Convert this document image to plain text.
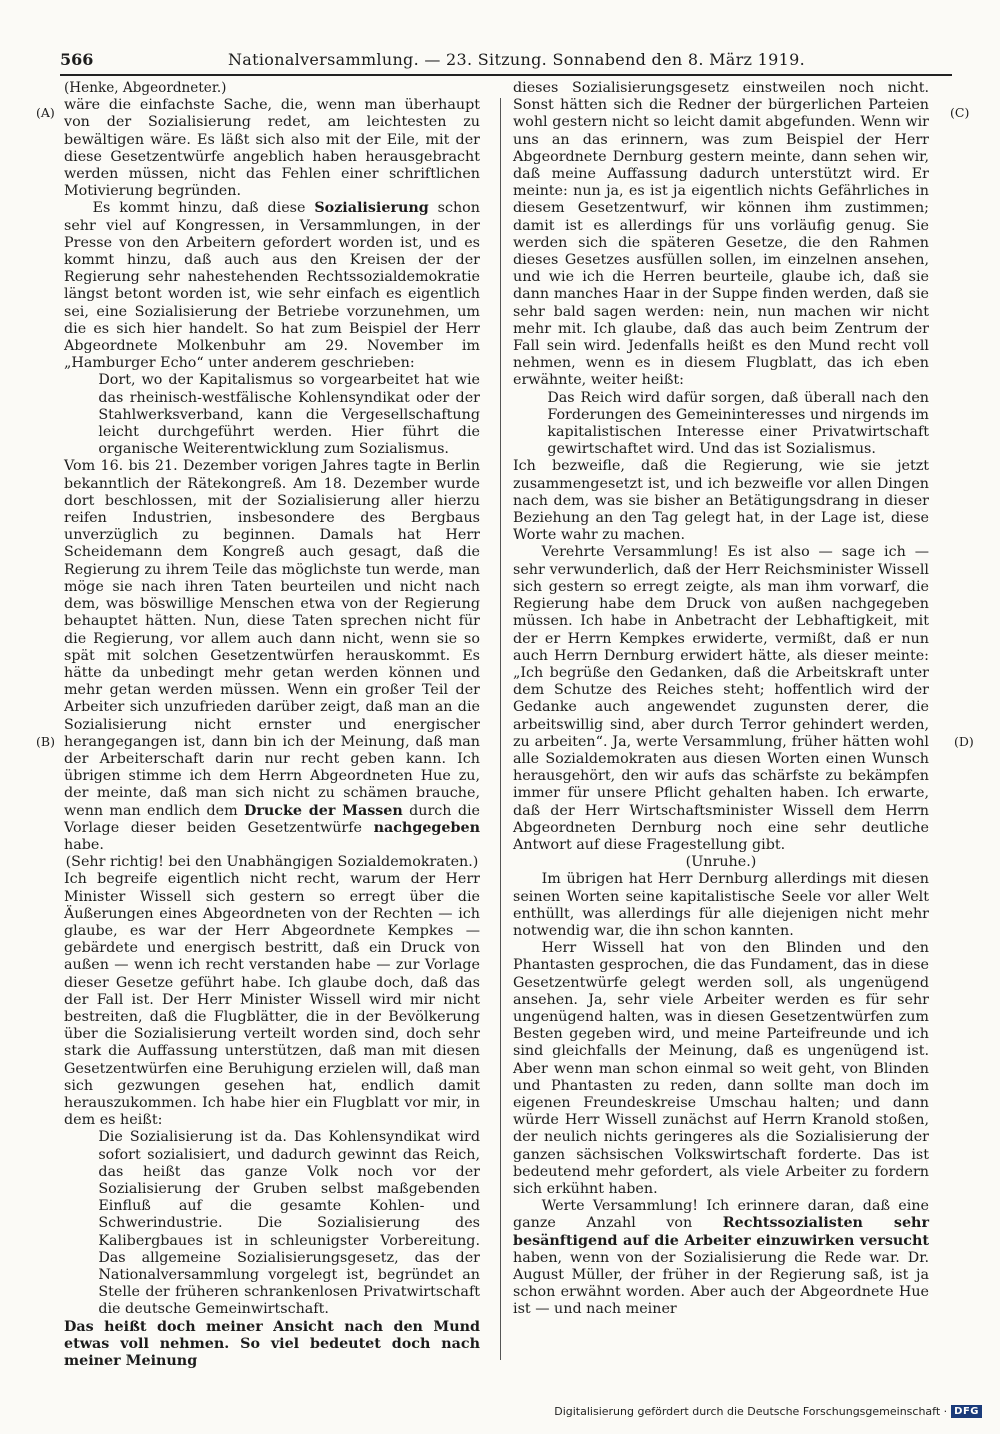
566	Nationalversammlung. — 23. Sitzung. Sonnabend den 8. März 1919.
(A)
(B)
(C)
(D)

(Henke, Abgeordneter.)

wäre die einfachste Sache, die, wenn man überhaupt von der Sozialisierung redet, am leichtesten zu bewältigen wäre. Es läßt sich also mit der Eile, mit der diese Gesetzentwürfe angeblich haben herausgebracht werden müssen, nicht das Fehlen einer schriftlichen Motivierung begründen.

Es kommt hinzu, daß diese Sozialisierung schon sehr viel auf Kongressen, in Versammlungen, in der Presse von den Arbeitern gefordert worden ist, und es kommt hinzu, daß auch aus den Kreisen der der Regierung sehr nahestehenden Rechtssozialdemokratie längst betont worden ist, wie sehr einfach es eigentlich sei, eine Sozialisierung der Betriebe vorzunehmen, um die es sich hier handelt. So hat zum Beispiel der Herr Abgeordnete Molkenbuhr am 29. November im „Hamburger Echo“ unter anderem geschrieben:

Dort, wo der Kapitalismus so vorgearbeitet hat wie das rheinisch-westfälische Kohlensyndikat oder der Stahlwerksverband, kann die Vergesellschaftung leicht durchgeführt werden. Hier führt die organische Weiterentwicklung zum Sozialismus.

Vom 16. bis 21. Dezember vorigen Jahres tagte in Berlin bekanntlich der Rätekongreß. Am 18. Dezember wurde dort beschlossen, mit der Sozialisierung aller hierzu reifen Industrien, insbesondere des Bergbaus unverzüglich zu beginnen. Damals hat Herr Scheidemann dem Kongreß auch gesagt, daß die Regierung zu ihrem Teile das möglichste tun werde, man möge sie nach ihren Taten beurteilen und nicht nach dem, was böswillige Menschen etwa von der Regierung behauptet hätten. Nun, diese Taten sprechen nicht für die Regierung, vor allem auch dann nicht, wenn sie so spät mit solchen Gesetzentwürfen herauskommt. Es hätte da unbedingt mehr getan werden können und mehr getan werden müssen. Wenn ein großer Teil der Arbeiter sich unzufrieden darüber zeigt, daß man an die Sozialisierung nicht ernster und energischer herangegangen ist, dann bin ich der Meinung, daß man der Arbeiterschaft darin nur recht geben kann. Ich übrigen stimme ich dem Herrn Abgeordneten Hue zu, der meinte, daß man sich nicht zu schämen brauche, wenn man endlich dem Drucke der Massen durch die Vorlage dieser beiden Gesetzentwürfe nachgegeben habe.

(Sehr richtig! bei den Unabhängigen Sozialdemokraten.)

Ich begreife eigentlich nicht recht, warum der Herr Minister Wissell sich gestern so erregt über die Äußerungen eines Abgeordneten von der Rechten — ich glaube, es war der Herr Abgeordnete Kempkes — gebärdete und energisch bestritt, daß ein Druck von außen — wenn ich recht verstanden habe — zur Vorlage dieser Gesetze geführt habe. Ich glaube doch, daß das der Fall ist. Der Herr Minister Wissell wird mir nicht bestreiten, daß die Flugblätter, die in der Bevölkerung über die Sozialisierung verteilt worden sind, doch sehr stark die Auffassung unterstützen, daß man mit diesen Gesetzentwürfen eine Beruhigung erzielen will, daß man sich gezwungen gesehen hat, endlich damit herauszukommen. Ich habe hier ein Flugblatt vor mir, in dem es heißt:

Die Sozialisierung ist da. Das Kohlensyndikat wird sofort sozialisiert, und dadurch gewinnt das Reich, das heißt das ganze Volk noch vor der Sozialisierung der Gruben selbst maßgebenden Einfluß auf die gesamte Kohlen- und Schwerindustrie. Die Sozialisierung des Kalibergbaues ist in schleunigster Vorbereitung. Das allgemeine Sozialisierungsgesetz, das der Nationalversammlung vorgelegt ist, begründet an Stelle der früheren schrankenlosen Privatwirtschaft die deutsche Gemeinwirtschaft.

Das heißt doch meiner Ansicht nach den Mund etwas voll nehmen. So viel bedeutet doch nach meiner Meinung

dieses Sozialisierungsgesetz einstweilen noch nicht. Sonst hätten sich die Redner der bürgerlichen Parteien wohl gestern nicht so leicht damit abgefunden. Wenn wir uns an das erinnern, was zum Beispiel der Herr Abgeordnete Dernburg gestern meinte, dann sehen wir, daß meine Auffassung dadurch unterstützt wird. Er meinte: nun ja, es ist ja eigentlich nichts Gefährliches in diesem Gesetzentwurf, wir können ihm zustimmen; damit ist es allerdings für uns vorläufig genug. Sie werden sich die späteren Gesetze, die den Rahmen dieses Gesetzes ausfüllen sollen, im einzelnen ansehen, und wie ich die Herren beurteile, glaube ich, daß sie dann manches Haar in der Suppe finden werden, daß sie sehr bald sagen werden: nein, nun machen wir nicht mehr mit. Ich glaube, daß das auch beim Zentrum der Fall sein wird. Jedenfalls heißt es den Mund recht voll nehmen, wenn es in diesem Flugblatt, das ich eben erwähnte, weiter heißt:

Das Reich wird dafür sorgen, daß überall nach den Forderungen des Gemeininteresses und nirgends im kapitalistischen Interesse einer Privatwirtschaft gewirtschaftet wird. Und das ist Sozialismus.

Ich bezweifle, daß die Regierung, wie sie jetzt zusammengesetzt ist, und ich bezweifle vor allen Dingen nach dem, was sie bisher an Betätigungsdrang in dieser Beziehung an den Tag gelegt hat, in der Lage ist, diese Worte wahr zu machen.

Verehrte Versammlung! Es ist also — sage ich — sehr verwunderlich, daß der Herr Reichsminister Wissell sich gestern so erregt zeigte, als man ihm vorwarf, die Regierung habe dem Druck von außen nachgegeben müssen. Ich habe in Anbetracht der Lebhaftigkeit, mit der er Herrn Kempkes erwiderte, vermißt, daß er nun auch Herrn Dernburg erwidert hätte, als dieser meinte: „Ich begrüße den Gedanken, daß die Arbeitskraft unter dem Schutze des Reiches steht; hoffentlich wird der Gedanke auch angewendet zugunsten derer, die arbeitswillig sind, aber durch Terror gehindert werden, zu arbeiten“. Ja, werte Versammlung, früher hätten wohl alle Sozialdemokraten aus diesen Worten einen Wunsch herausgehört, den wir aufs das schärfste zu bekämpfen immer für unsere Pflicht gehalten haben. Ich erwarte, daß der Herr Wirtschaftsminister Wissell dem Herrn Abgeordneten Dernburg noch eine sehr deutliche Antwort auf diese Fragestellung gibt.

(Unruhe.)

Im übrigen hat Herr Dernburg allerdings mit diesen seinen Worten seine kapitalistische Seele vor aller Welt enthüllt, was allerdings für alle diejenigen nicht mehr notwendig war, die ihn schon kannten.

Herr Wissell hat von den Blinden und den Phantasten gesprochen, die das Fundament, das in diese Gesetzentwürfe gelegt werden soll, als ungenügend ansehen. Ja, sehr viele Arbeiter werden es für sehr ungenügend halten, was in diesen Gesetzentwürfen zum Besten gegeben wird, und meine Parteifreunde und ich sind gleichfalls der Meinung, daß es ungenügend ist. Aber wenn man schon einmal so weit geht, von Blinden und Phantasten zu reden, dann sollte man doch im eigenen Freundeskreise Umschau halten; und dann würde Herr Wissell zunächst auf Herrn Kranold stoßen, der neulich nichts geringeres als die Sozialisierung der ganzen sächsischen Volkswirtschaft forderte. Das ist bedeutend mehr gefordert, als viele Arbeiter zu fordern sich erkühnt haben.

Werte Versammlung! Ich erinnere daran, daß eine ganze Anzahl von Rechtssozialisten sehr besänftigend auf die Arbeiter einzuwirken versucht haben, wenn von der Sozialisierung die Rede war. Dr. August Müller, der früher in der Regierung saß, ist ja schon erwähnt worden. Aber auch der Abgeordnete Hue ist — und nach meiner

Digitalisierung gefördert durch die Deutsche Forschungsgemeinschaft · DFG
